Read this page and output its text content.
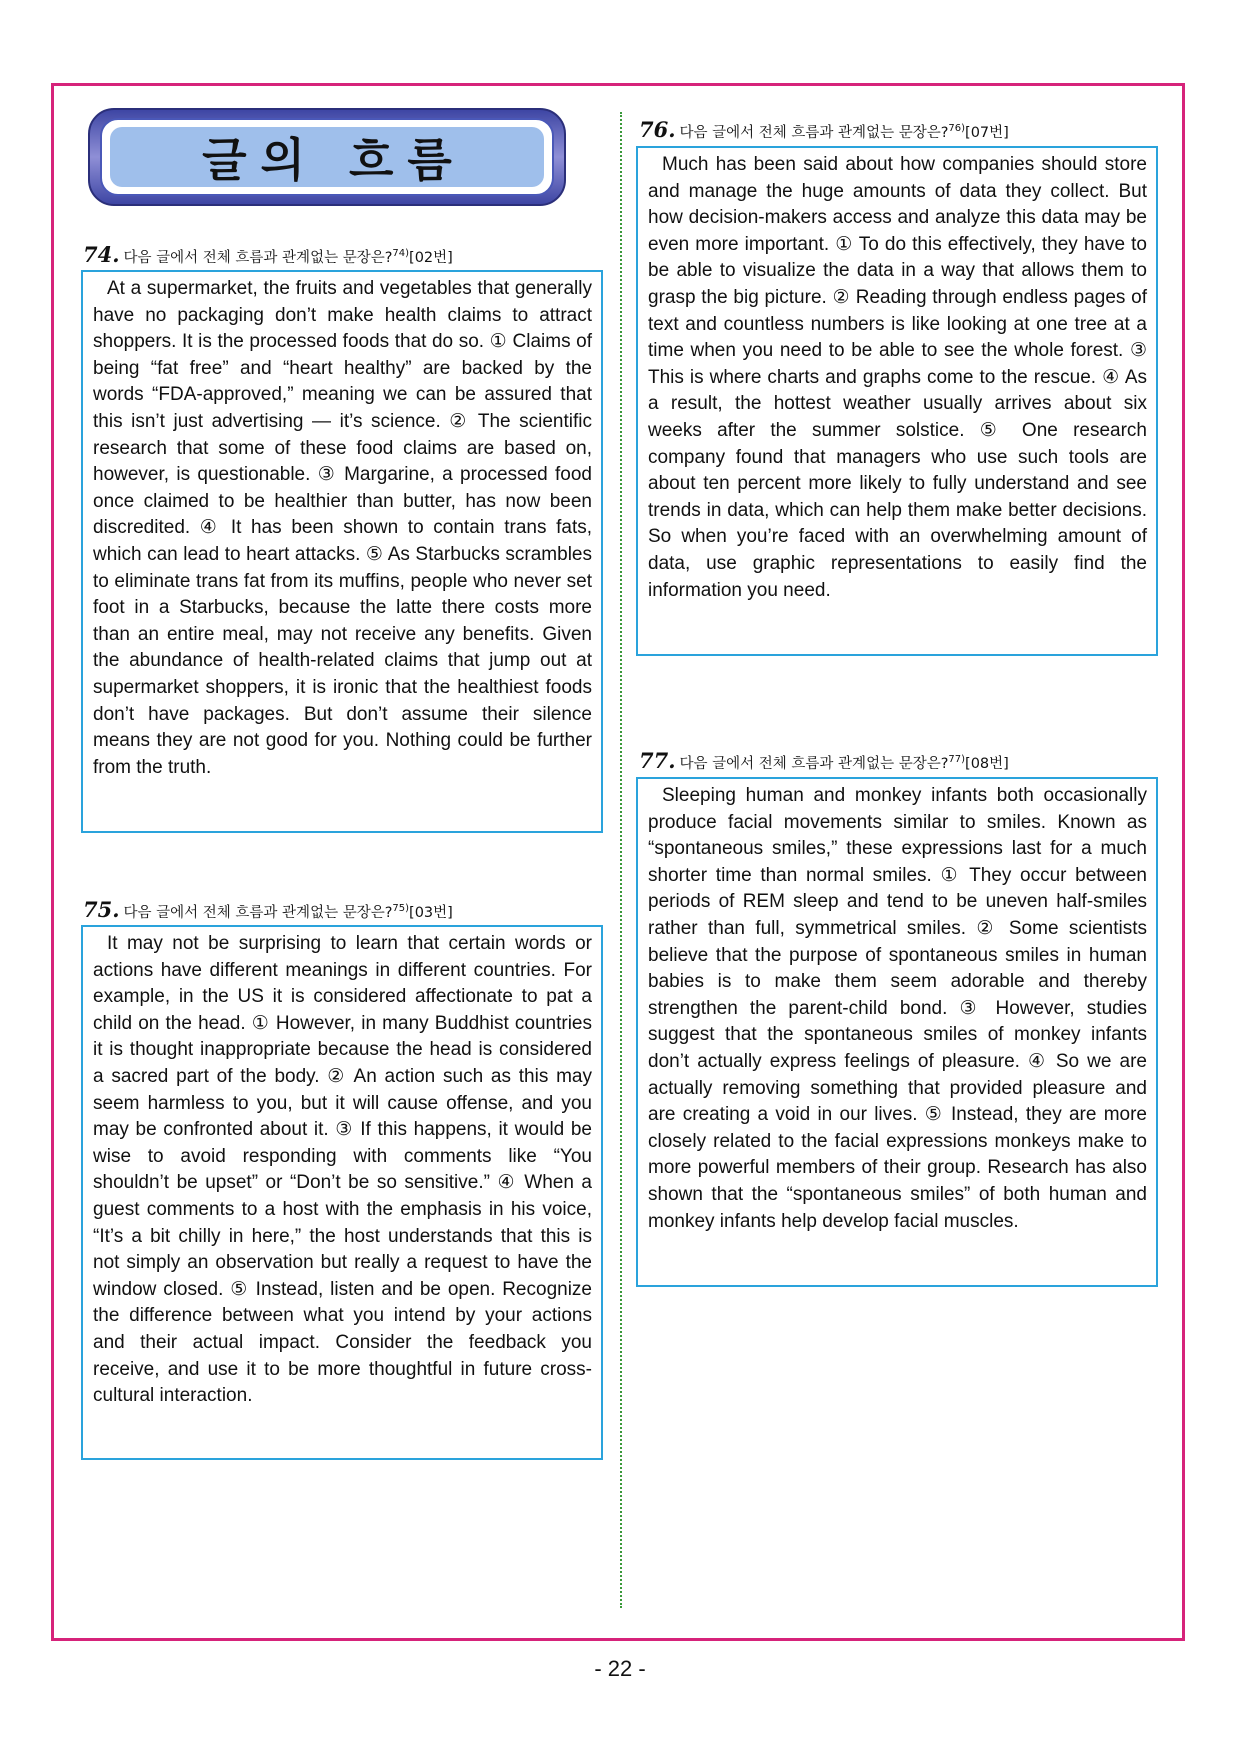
글의 흐름
74. 다음 글에서 전체 흐름과 관계없는 문장은?$^{74)}$[02번]

At a supermarket, the fruits and vegetables that generally have no packaging don’t make health claims to attract shoppers. It is the processed foods that do so. ① Claims of being “fat free” and “heart healthy” are backed by the words “FDA-approved,” meaning we can be assured that this isn’t just advertising — it’s science. ② The scientific research that some of these food claims are based on, however, is questionable. ③ Margarine, a processed food once claimed to be healthier than butter, has now been discredited. ④ It has been shown to contain trans fats, which can lead to heart attacks. ⑤ As Starbucks scrambles to eliminate trans fat from its muffins, people who never set foot in a Starbucks, because the latte there costs more than an entire meal, may not receive any benefits. Given the abundance of health-related claims that jump out at supermarket shoppers, it is ironic that the healthiest foods don’t have packages. But don’t assume their silence means they are not good for you. Nothing could be further from the truth.

75. 다음 글에서 전체 흐름과 관계없는 문장은?$^{75)}$[03번]

It may not be surprising to learn that certain words or actions have different meanings in different countries. For example, in the US it is considered affectionate to pat a child on the head. ① However, in many Buddhist countries it is thought inappropriate because the head is considered a sacred part of the body. ② An action such as this may seem harmless to you, but it will cause offense, and you may be confronted about it. ③ If this happens, it would be wise to avoid responding with comments like “You shouldn’t be upset” or “Don’t be so sensitive.” ④ When a guest comments to a host with the emphasis in his voice, “It’s a bit chilly in here,” the host understands that this is not simply an observation but really a request to have the window closed. ⑤ Instead, listen and be open. Recognize the difference between what you intend by your actions and their actual impact. Consider the feedback you receive, and use it to be more thoughtful in future cross-cultural interaction.

76. 다음 글에서 전체 흐름과 관계없는 문장은?$^{76)}$[07번]

Much has been said about how companies should store and manage the huge amounts of data they collect. But how decision-makers access and analyze this data may be even more important. ① To do this effectively, they have to be able to visualize the data in a way that allows them to grasp the big picture. ② Reading through endless pages of text and countless numbers is like looking at one tree at a time when you need to be able to see the whole forest. ③ This is where charts and graphs come to the rescue. ④ As a result, the hottest weather usually arrives about six weeks after the summer solstice. ⑤ One research company found that managers who use such tools are about ten percent more likely to fully understand and see trends in data, which can help them make better decisions. So when you’re faced with an overwhelming amount of data, use graphic representations to easily find the information you need.

77. 다음 글에서 전체 흐름과 관계없는 문장은?$^{77)}$[08번]

Sleeping human and monkey infants both occasionally produce facial movements similar to smiles. Known as “spontaneous smiles,” these expressions last for a much shorter time than normal smiles. ① They occur between periods of REM sleep and tend to be uneven half-smiles rather than full, symmetrical smiles. ② Some scientists believe that the purpose of spontaneous smiles in human babies is to make them seem adorable and thereby strengthen the parent-child bond. ③ However, studies suggest that the spontaneous smiles of monkey infants don’t actually express feelings of pleasure. ④ So we are actually removing something that provided pleasure and are creating a void in our lives. ⑤ Instead, they are more closely related to the facial expressions monkeys make to more powerful members of their group. Research has also shown that the “spontaneous smiles” of both human and monkey infants help develop facial muscles.

- 22 -
